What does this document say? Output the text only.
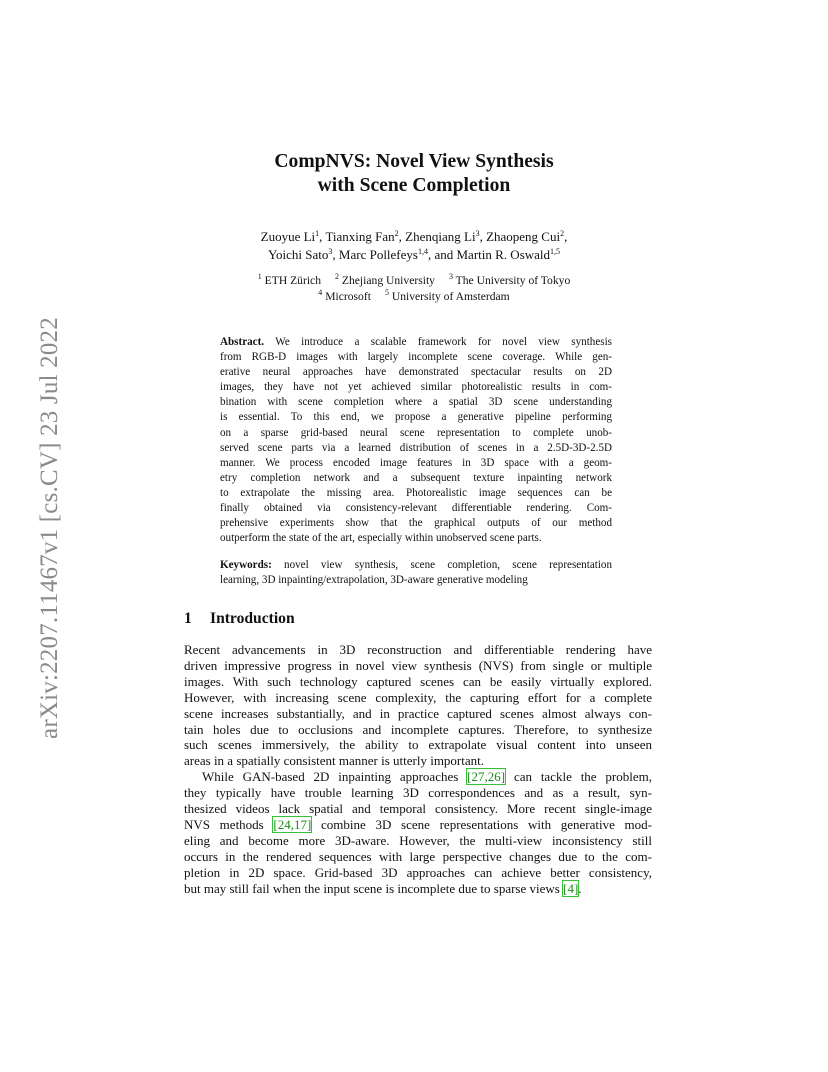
arXiv:2207.11467v1 [cs.CV] 23 Jul 2022
CompNVS: Novel View Synthesis
with Scene Completion
Zuoyue Li$^1$, Tianxing Fan$^2$, Zhenqiang Li$^3$, Zhaopeng Cui$^2$,
Yoichi Sato$^3$, Marc Pollefeys$^{1,4}$, and Martin R. Oswald$^{1,5}$
$^1$ ETH Zürich $^2$ Zhejiang University $^3$ The University of Tokyo
$^4$ Microsoft $^5$ University of Amsterdam
Abstract. We introduce a scalable framework for novel view synthesis
from RGB-D images with largely incomplete scene coverage. While gen-
erative neural approaches have demonstrated spectacular results on 2D
images, they have not yet achieved similar photorealistic results in com-
bination with scene completion where a spatial 3D scene understanding
is essential. To this end, we propose a generative pipeline performing
on a sparse grid-based neural scene representation to complete unob-
served scene parts via a learned distribution of scenes in a 2.5D-3D-2.5D
manner. We process encoded image features in 3D space with a geom-
etry completion network and a subsequent texture inpainting network
to extrapolate the missing area. Photorealistic image sequences can be
finally obtained via consistency-relevant differentiable rendering. Com-
prehensive experiments show that the graphical outputs of our method
outperform the state of the art, especially within unobserved scene parts.
Keywords: novel view synthesis, scene completion, scene representation
learning, 3D inpainting/extrapolation, 3D-aware generative modeling
1 Introduction
Recent advancements in 3D reconstruction and differentiable rendering have
driven impressive progress in novel view synthesis (NVS) from single or multiple
images. With such technology captured scenes can be easily virtually explored.
However, with increasing scene complexity, the capturing effort for a complete
scene increases substantially, and in practice captured scenes almost always con-
tain holes due to occlusions and incomplete captures. Therefore, to synthesize
such scenes immersively, the ability to extrapolate visual content into unseen
areas in a spatially consistent manner is utterly important.
While GAN-based 2D inpainting approaches [27,26] can tackle the problem,
they typically have trouble learning 3D correspondences and as a result, syn-
thesized videos lack spatial and temporal consistency. More recent single-image
NVS methods [24,17] combine 3D scene representations with generative mod-
eling and become more 3D-aware. However, the multi-view inconsistency still
occurs in the rendered sequences with large perspective changes due to the com-
pletion in 2D space. Grid-based 3D approaches can achieve better consistency,
but may still fail when the input scene is incomplete due to sparse views [4].
